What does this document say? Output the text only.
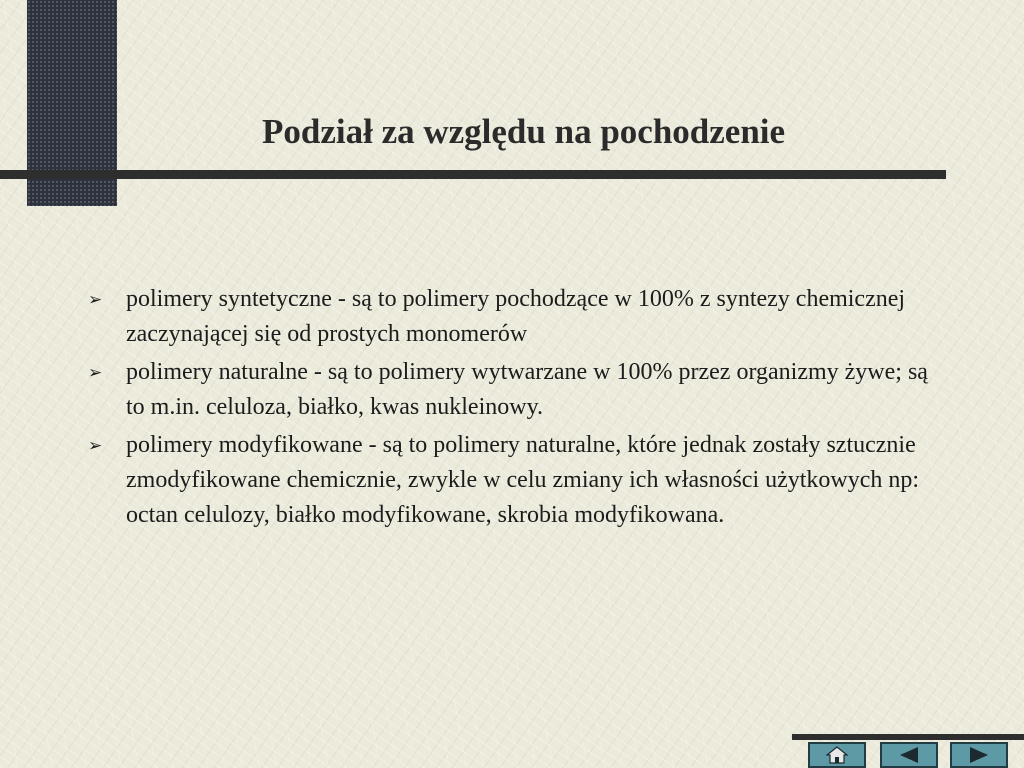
Podział za względu na pochodzenie
➢ polimery syntetyczne - są to polimery pochodzące w 100% z syntezy chemicznej zaczynającej się od prostych monomerów
➢ polimery naturalne - są to polimery wytwarzane w 100% przez organizmy żywe; są to m.in. celuloza, białko, kwas nukleinowy.
➢ polimery modyfikowane - są to polimery naturalne, które jednak zostały sztucznie zmodyfikowane chemicznie, zwykle w celu zmiany ich własności użytkowych np: octan celulozy, białko modyfikowane, skrobia modyfikowana.
